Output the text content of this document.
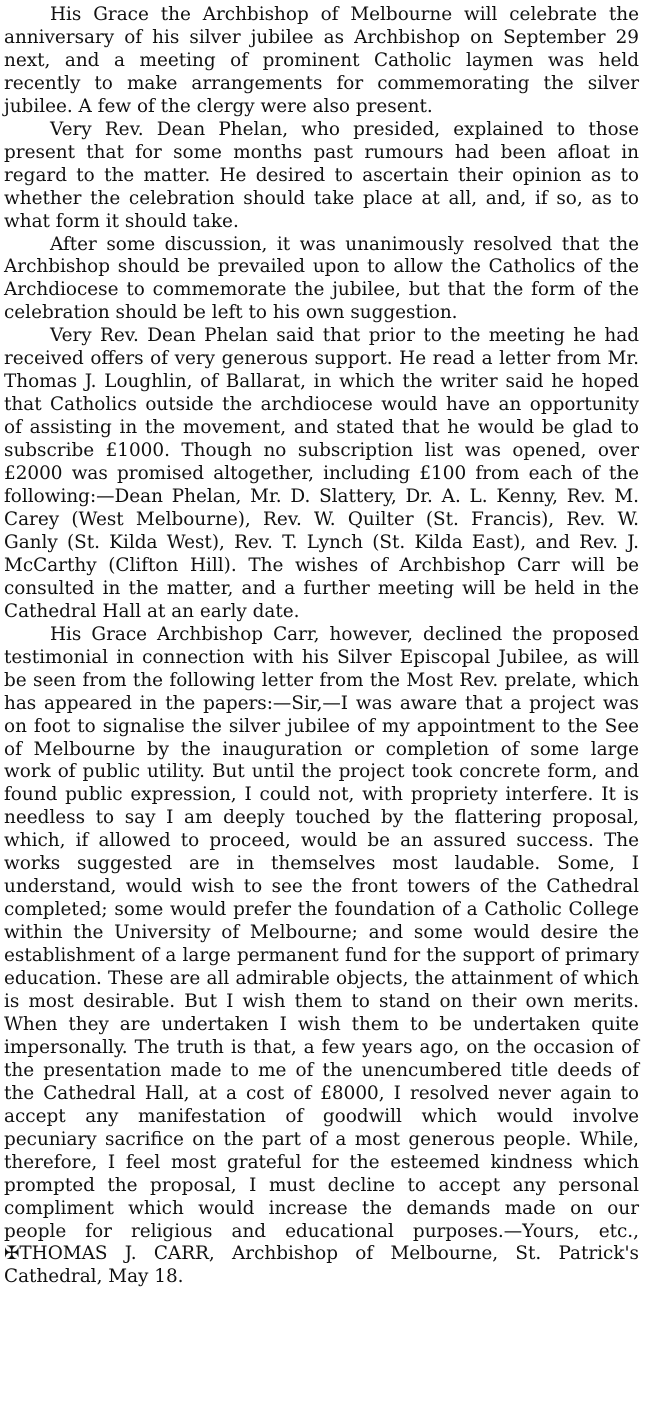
His Grace the Archbishop of Melbourne will celebrate the anniversary of his silver jubilee as Archbishop on September 29 next, and a meeting of prominent Catholic laymen was held recently to make arrangements for commemorating the silver jubilee. A few of the clergy were also present.

Very Rev. Dean Phelan, who presided, explained to those present that for some months past rumours had been afloat in regard to the matter. He desired to ascertain their opinion as to whether the celebration should take place at all, and, if so, as to what form it should take.

After some discussion, it was unanimously resolved that the Archbishop should be prevailed upon to allow the Catholics of the Archdiocese to commemorate the jubilee, but that the form of the celebration should be left to his own suggestion.

Very Rev. Dean Phelan said that prior to the meeting he had received offers of very generous support. He read a letter from Mr. Thomas J. Loughlin, of Ballarat, in which the writer said he hoped that Catholics outside the archdiocese would have an opportunity of assisting in the movement, and stated that he would be glad to subscribe £1000. Though no subscription list was opened, over £2000 was promised altogether, including £100 from each of the following:—Dean Phelan, Mr. D. Slattery, Dr. A. L. Kenny, Rev. M. Carey (West Melbourne), Rev. W. Quilter (St. Francis), Rev. W. Ganly (St. Kilda West), Rev. T. Lynch (St. Kilda East), and Rev. J. McCarthy (Clifton Hill). The wishes of Archbishop Carr will be consulted in the matter, and a further meeting will be held in the Cathedral Hall at an early date.

His Grace Archbishop Carr, however, declined the proposed testimonial in connection with his Silver Episcopal Jubilee, as will be seen from the following letter from the Most Rev. prelate, which has appeared in the papers:—Sir,—I was aware that a project was on foot to signalise the silver jubilee of my appointment to the See of Melbourne by the inauguration or completion of some large work of public utility. But until the project took concrete form, and found public expression, I could not, with propriety interfere. It is needless to say I am deeply touched by the flattering proposal, which, if allowed to proceed, would be an assured success. The works suggested are in themselves most laudable. Some, I understand, would wish to see the front towers of the Cathedral completed; some would prefer the foundation of a Catholic College within the University of Melbourne; and some would desire the establishment of a large permanent fund for the support of primary education. These are all admirable objects, the attainment of which is most desirable. But I wish them to stand on their own merits. When they are undertaken I wish them to be undertaken quite impersonally. The truth is that, a few years ago, on the occasion of the presentation made to me of the unencumbered title deeds of the Cathedral Hall, at a cost of £8000, I resolved never again to accept any manifestation of goodwill which would involve pecuniary sacrifice on the part of a most generous people. While, therefore, I feel most grateful for the esteemed kindness which prompted the proposal, I must decline to accept any personal compliment which would increase the demands made on our people for religious and educational purposes.—Yours, etc., ✠THOMAS J. CARR, Archbishop of Melbourne, St. Patrick's Cathedral, May 18.
